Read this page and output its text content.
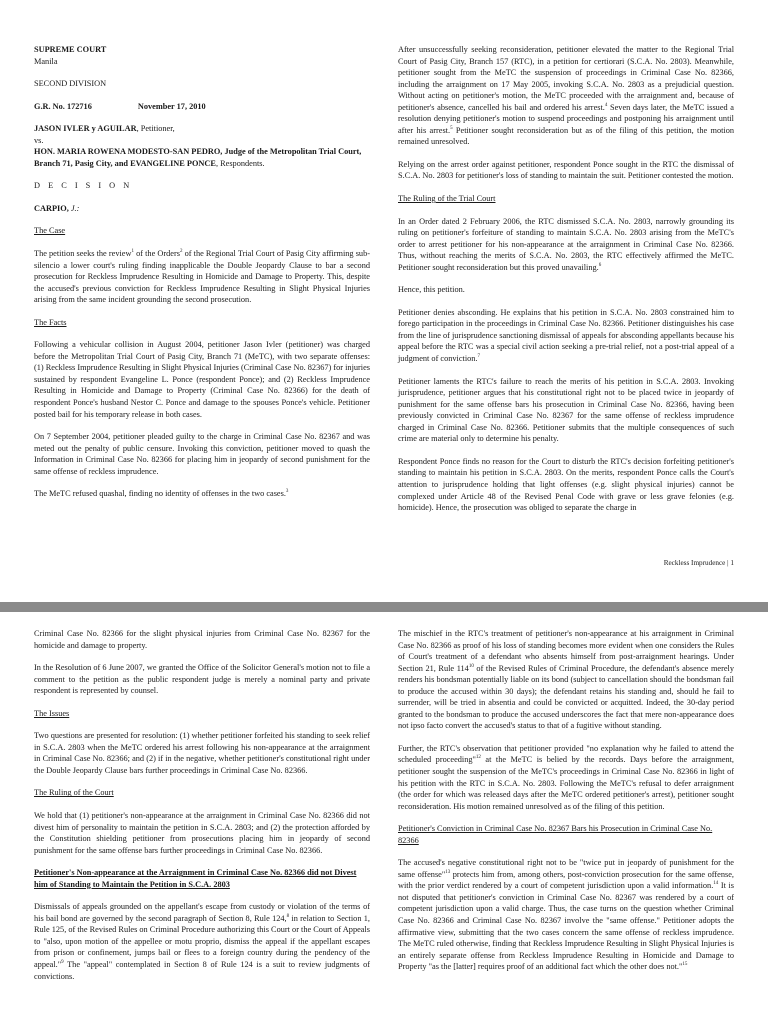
SUPREME COURT
Manila
SECOND DIVISION
G.R. No. 172716	November 17, 2010
JASON IVLER y AGUILAR, Petitioner,
vs.
HON. MARIA ROWENA MODESTO-SAN PEDRO, Judge of the Metropolitan Trial Court, Branch 71, Pasig City, and EVANGELINE PONCE, Respondents.
D E C I S I O N
CARPIO, J.:
The Case
The petition seeks the review$^1$ of the Orders$^2$ of the Regional Trial Court of Pasig City affirming sub-silencio a lower court's ruling finding inapplicable the Double Jeopardy Clause to bar a second prosecution for Reckless Imprudence Resulting in Homicide and Damage to Property. This, despite the accused's previous conviction for Reckless Imprudence Resulting in Slight Physical Injuries arising from the same incident grounding the second prosecution.
The Facts
Following a vehicular collision in August 2004, petitioner Jason Ivler (petitioner) was charged before the Metropolitan Trial Court of Pasig City, Branch 71 (MeTC), with two separate offenses: (1) Reckless Imprudence Resulting in Slight Physical Injuries (Criminal Case No. 82367) for injuries sustained by respondent Evangeline L. Ponce (respondent Ponce); and (2) Reckless Imprudence Resulting in Homicide and Damage to Property (Criminal Case No. 82366) for the death of respondent Ponce's husband Nestor C. Ponce and damage to the spouses Ponce's vehicle. Petitioner posted bail for his temporary release in both cases.
On 7 September 2004, petitioner pleaded guilty to the charge in Criminal Case No. 82367 and was meted out the penalty of public censure. Invoking this conviction, petitioner moved to quash the Information in Criminal Case No. 82366 for placing him in jeopardy of second punishment for the same offense of reckless imprudence.
The MeTC refused quashal, finding no identity of offenses in the two cases.$^3$
After unsuccessfully seeking reconsideration, petitioner elevated the matter to the Regional Trial Court of Pasig City, Branch 157 (RTC), in a petition for certiorari (S.C.A. No. 2803). Meanwhile, petitioner sought from the MeTC the suspension of proceedings in Criminal Case No. 82366, including the arraignment on 17 May 2005, invoking S.C.A. No. 2803 as a prejudicial question. Without acting on petitioner's motion, the MeTC proceeded with the arraignment and, because of petitioner's absence, cancelled his bail and ordered his arrest.$^4$ Seven days later, the MeTC issued a resolution denying petitioner's motion to suspend proceedings and postponing his arraignment until after his arrest.$^5$ Petitioner sought reconsideration but as of the filing of this petition, the motion remained unresolved.
Relying on the arrest order against petitioner, respondent Ponce sought in the RTC the dismissal of S.C.A. No. 2803 for petitioner's loss of standing to maintain the suit. Petitioner contested the motion.
The Ruling of the Trial Court
In an Order dated 2 February 2006, the RTC dismissed S.C.A. No. 2803, narrowly grounding its ruling on petitioner's forfeiture of standing to maintain S.C.A. No. 2803 arising from the MeTC's order to arrest petitioner for his non-appearance at the arraignment in Criminal Case No. 82366. Thus, without reaching the merits of S.C.A. No. 2803, the RTC effectively affirmed the MeTC. Petitioner sought reconsideration but this proved unavailing.$^6$
Hence, this petition.
Petitioner denies absconding. He explains that his petition in S.C.A. No. 2803 constrained him to forego participation in the proceedings in Criminal Case No. 82366. Petitioner distinguishes his case from the line of jurisprudence sanctioning dismissal of appeals for absconding appellants because his appeal before the RTC was a special civil action seeking a pre-trial relief, not a post-trial appeal of a judgment of conviction.$^7$
Petitioner laments the RTC's failure to reach the merits of his petition in S.C.A. 2803. Invoking jurisprudence, petitioner argues that his constitutional right not to be placed twice in jeopardy of punishment for the same offense bars his prosecution in Criminal Case No. 82366, having been previously convicted in Criminal Case No. 82367 for the same offense of reckless imprudence charged in Criminal Case No. 82366. Petitioner submits that the multiple consequences of such crime are material only to determine his penalty.
Respondent Ponce finds no reason for the Court to disturb the RTC's decision forfeiting petitioner's standing to maintain his petition in S.C.A. 2803. On the merits, respondent Ponce calls the Court's attention to jurisprudence holding that light offenses (e.g. slight physical injuries) cannot be complexed under Article 48 of the Revised Penal Code with grave or less grave felonies (e.g. homicide). Hence, the prosecution was obliged to separate the charge in
Reckless Imprudence | 1
Criminal Case No. 82366 for the slight physical injuries from Criminal Case No. 82367 for the homicide and damage to property.
In the Resolution of 6 June 2007, we granted the Office of the Solicitor General's motion not to file a comment to the petition as the public respondent judge is merely a nominal party and private respondent is represented by counsel.
The Issues
Two questions are presented for resolution: (1) whether petitioner forfeited his standing to seek relief in S.C.A. 2803 when the MeTC ordered his arrest following his non-appearance at the arraignment in Criminal Case No. 82366; and (2) if in the negative, whether petitioner's constitutional right under the Double Jeopardy Clause bars further proceedings in Criminal Case No. 82366.
The Ruling of the Court
We hold that (1) petitioner's non-appearance at the arraignment in Criminal Case No. 82366 did not divest him of personality to maintain the petition in S.C.A. 2803; and (2) the protection afforded by the Constitution shielding petitioner from prosecutions placing him in jeopardy of second punishment for the same offense bars further proceedings in Criminal Case No. 82366.
Petitioner's Non-appearance at the Arraignment in Criminal Case No. 82366 did not Divest him of Standing to Maintain the Petition in S.C.A. 2803
Dismissals of appeals grounded on the appellant's escape from custody or violation of the terms of his bail bond are governed by the second paragraph of Section 8, Rule 124,$^8$ in relation to Section 1, Rule 125, of the Revised Rules on Criminal Procedure authorizing this Court or the Court of Appeals to "also, upon motion of the appellee or motu proprio, dismiss the appeal if the appellant escapes from prison or confinement, jumps bail or flees to a foreign country during the pendency of the appeal."$^9$ The "appeal" contemplated in Section 8 of Rule 124 is a suit to review judgments of convictions.
The mischief in the RTC's treatment of petitioner's non-appearance at his arraignment in Criminal Case No. 82366 as proof of his loss of standing becomes more evident when one considers the Rules of Court's treatment of a defendant who absents himself from post-arraignment hearings. Under Section 21, Rule $114^{10}$ of the Revised Rules of Criminal Procedure, the defendant's absence merely renders his bondsman potentially liable on its bond (subject to cancellation should the bondsman fail to produce the accused within 30 days); the defendant retains his standing and, should he fail to surrender, will be tried in absentia and could be convicted or acquitted. Indeed, the 30-day period granted to the bondsman to produce the accused underscores the fact that mere non-appearance does not ipso facto convert the accused's status to that of a fugitive without standing.
Further, the RTC's observation that petitioner provided "no explanation why he failed to attend the scheduled proceeding"$^{12}$ at the MeTC is belied by the records. Days before the arraignment, petitioner sought the suspension of the MeTC's proceedings in Criminal Case No. 82366 in light of his petition with the RTC in S.C.A. No. 2803. Following the MeTC's refusal to defer arraignment (the order for which was released days after the MeTC ordered petitioner's arrest), petitioner sought reconsideration. His motion remained unresolved as of the filing of this petition.
Petitioner's Conviction in Criminal Case No. 82367 Bars his Prosecution in Criminal Case No. 82366
The accused's negative constitutional right not to be "twice put in jeopardy of punishment for the same offense"$^{13}$ protects him from, among others, post-conviction prosecution for the same offense, with the prior verdict rendered by a court of competent jurisdiction upon a valid information.$^{14}$ It is not disputed that petitioner's conviction in Criminal Case No. 82367 was rendered by a court of competent jurisdiction upon a valid charge. Thus, the case turns on the question whether Criminal Case No. 82366 and Criminal Case No. 82367 involve the "same offense." Petitioner adopts the affirmative view, submitting that the two cases concern the same offense of reckless imprudence. The MeTC ruled otherwise, finding that Reckless Imprudence Resulting in Slight Physical Injuries is an entirely separate offense from Reckless Imprudence Resulting in Homicide and Damage to Property "as the [latter] requires proof of an additional fact which the other does not."$^{15}$
